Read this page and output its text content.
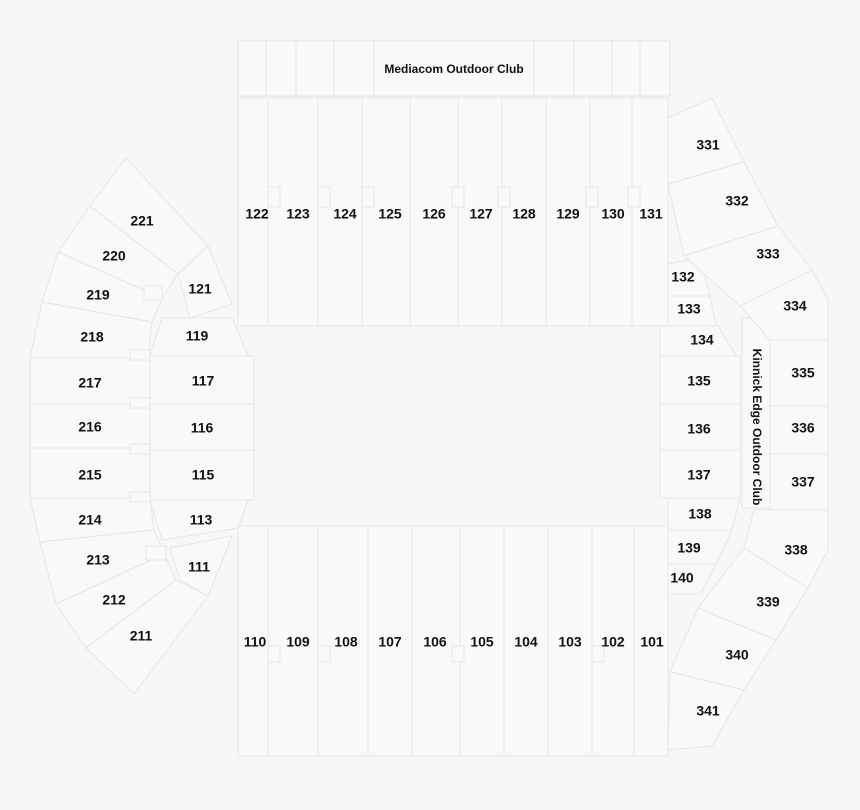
Mediacom Outdoor Club
Kinnick Edge Outdoor Club
122 123 124 125 126 127 128 129 130 131
110 109 108 107 106 105 104 103 102 101
121
119
117
116
115
113
111
221
220
219
218
217
216
215
214
213
212
211
132
133
134
135
136
137
138
139
140
331
332
333
334
335
336
337
338
339
340
341
